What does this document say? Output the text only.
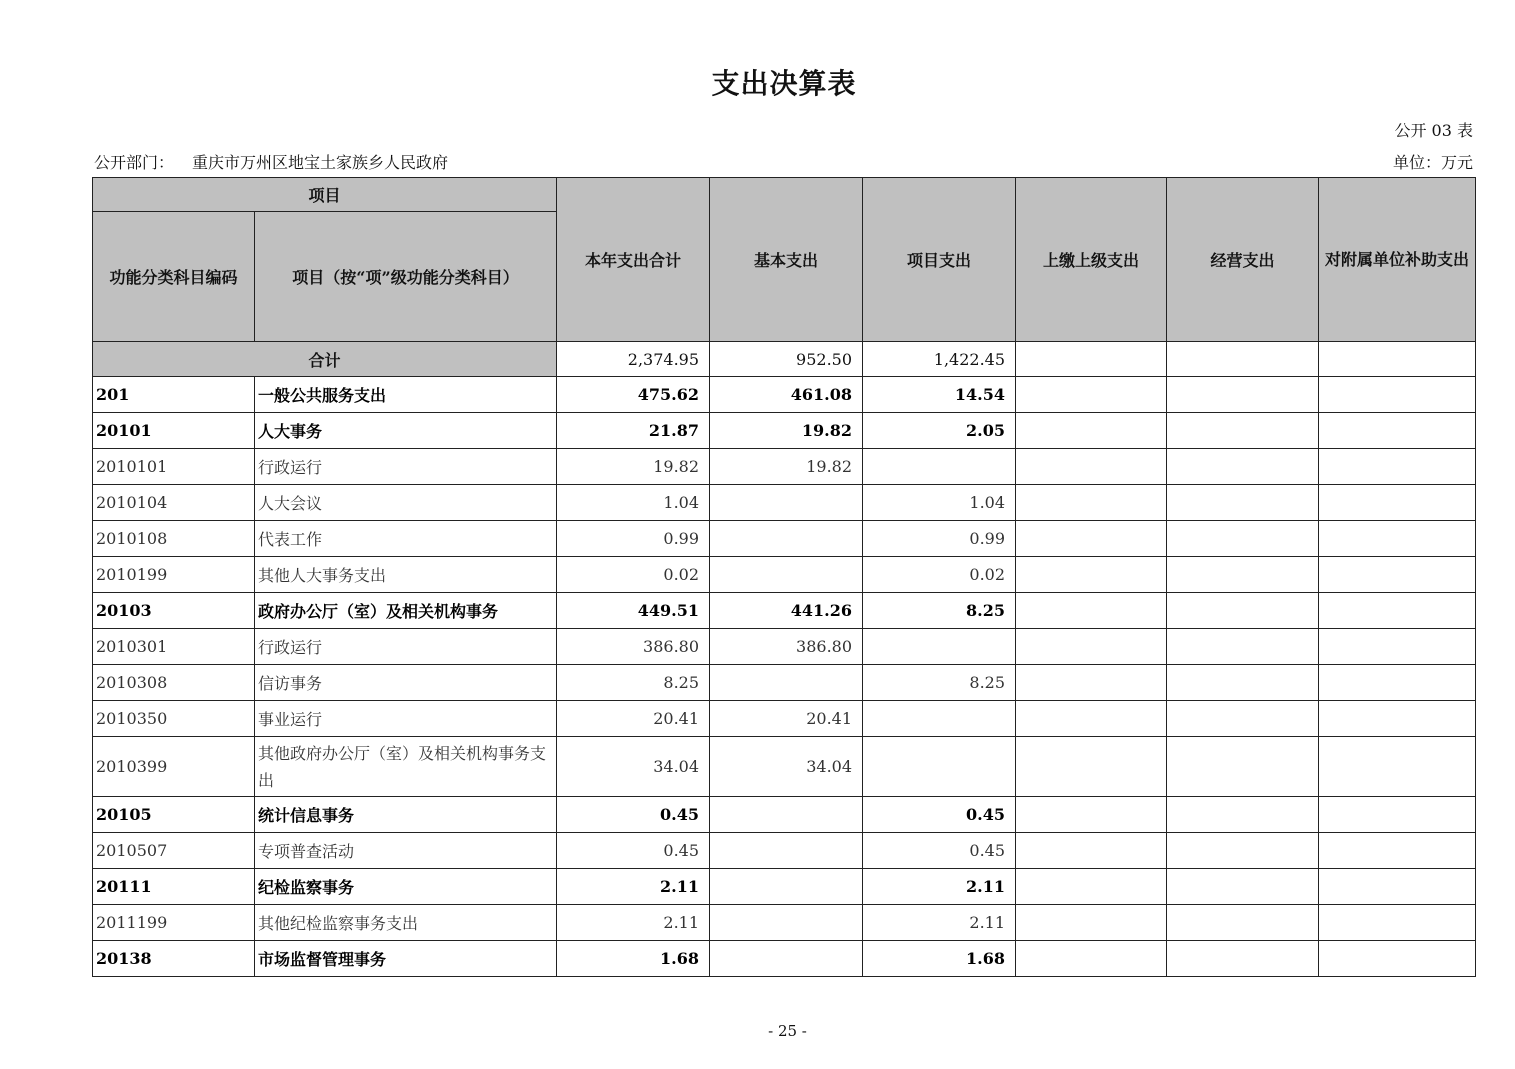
支出决算表
公开 03 表
公开部门： 重庆市万州区地宝土家族乡人民政府	单位：万元
项目		本年支出合计	基本支出	项目支出	上缴上级支出	经营支出	对附属单位补助支出
功能分类科目编码	项目（按“项”级功能分类科目）						
合计		2,374.95	952.50	1,422.45			
201	一般公共服务支出	475.62	461.08	14.54			
20101	人大事务	21.87	19.82	2.05			
2010101	行政运行	19.82	19.82				
2010104	人大会议	1.04		1.04			
2010108	代表工作	0.99		0.99			
2010199	其他人大事务支出	0.02		0.02			
20103	政府办公厅（室）及相关机构事务	449.51	441.26	8.25			
2010301	行政运行	386.80	386.80				
2010308	信访事务	8.25		8.25			
2010350	事业运行	20.41	20.41				
2010399	其他政府办公厅（室）及相关机构事务支出	34.04	34.04				
20105	统计信息事务	0.45		0.45			
2010507	专项普查活动	0.45		0.45			
20111	纪检监察事务	2.11		2.11			
2011199	其他纪检监察事务支出	2.11		2.11			
20138	市场监督管理事务	1.68		1.68			
- 25 -
